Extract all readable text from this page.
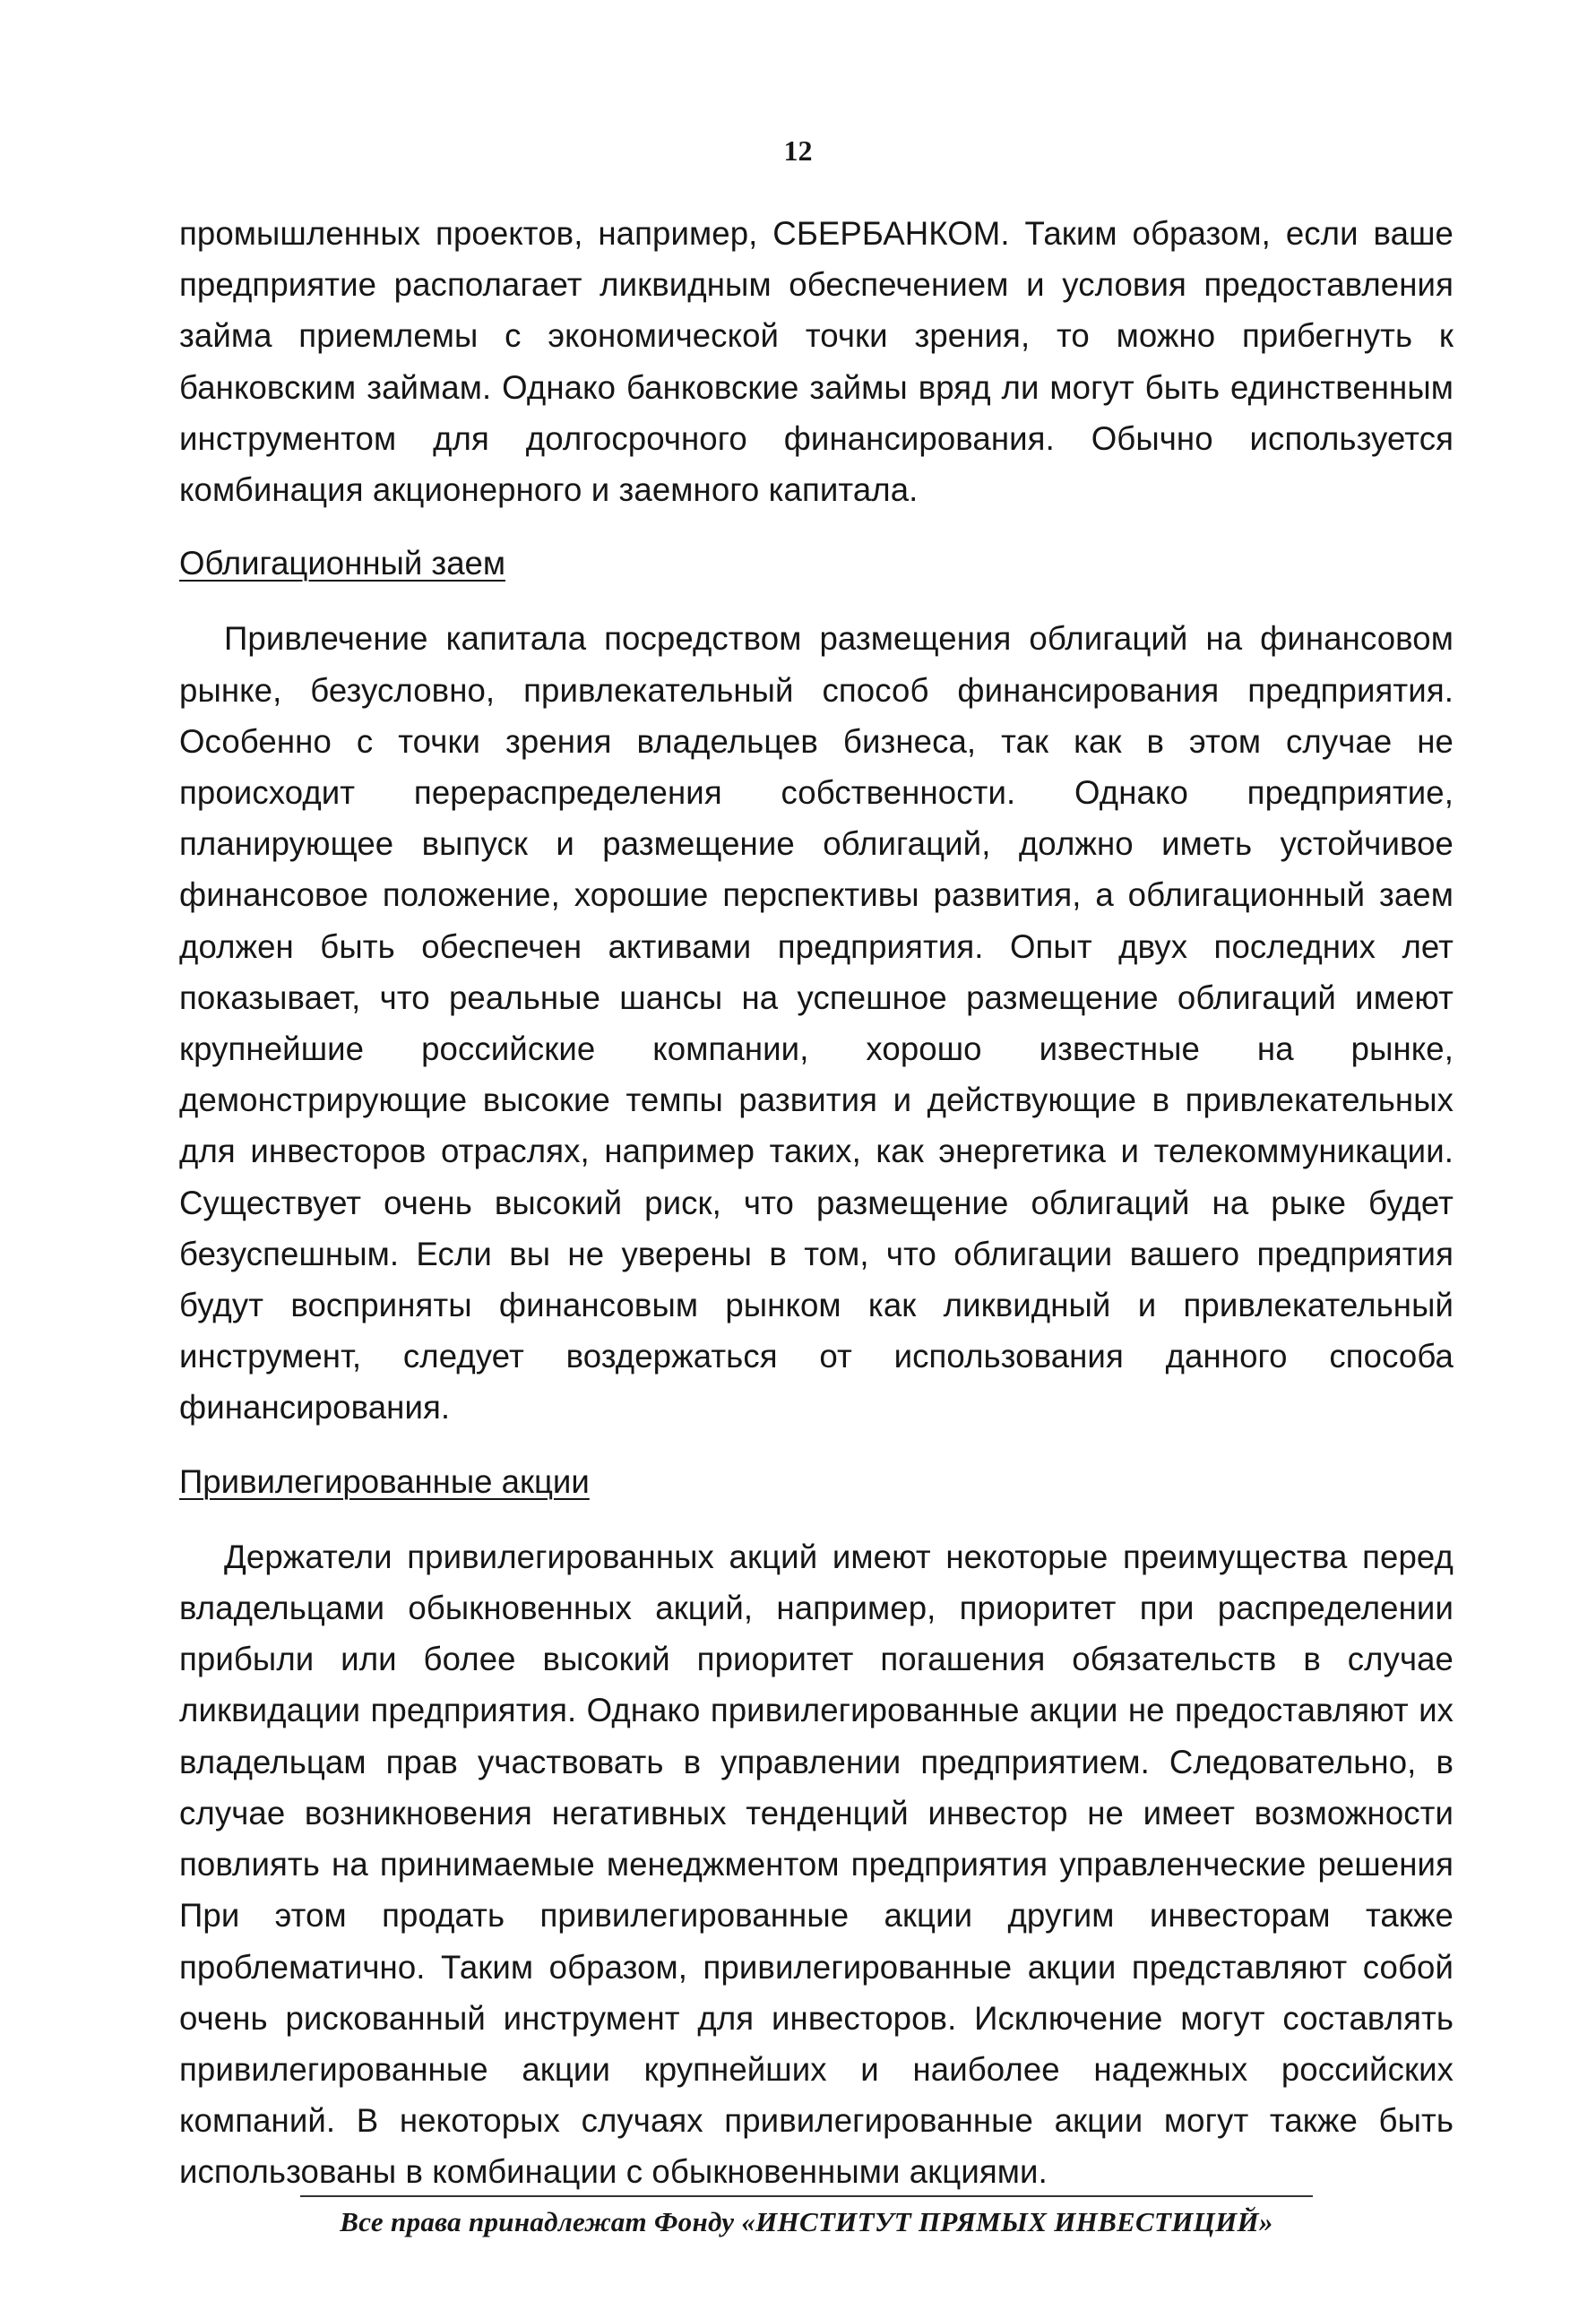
12

промышленных проектов, например, СБЕРБАНКОМ. Таким образом, если ваше предприятие располагает ликвидным обеспечением и условия предоставления займа приемлемы с экономической точки зрения, то можно прибегнуть к банковским займам. Однако банковские займы вряд ли могут быть единственным инструментом для долгосрочного финансирования. Обычно используется комбинация акционерного и заемного капитала.

Облигационный заем

Привлечение капитала посредством размещения облигаций на финансовом рынке, безусловно, привлекательный способ финансирования предприятия. Особенно с точки зрения владельцев бизнеса, так как в этом случае не происходит перераспределения собственности. Однако предприятие, планирующее выпуск и размещение облигаций, должно иметь устойчивое финансовое положение, хорошие перспективы развития, а облигационный заем должен быть обеспечен активами предприятия. Опыт двух последних лет показывает, что реальные шансы на успешное размещение облигаций имеют крупнейшие российские компании, хорошо известные на рынке, демонстрирующие высокие темпы развития и действующие в привлекательных для инвесторов отраслях, например таких, как энергетика и телекоммуникации. Существует очень высокий риск, что размещение облигаций на рыке будет безуспешным. Если вы не уверены в том, что облигации вашего предприятия будут восприняты финансовым рынком как ликвидный и привлекательный инструмент, следует воздержаться от использования данного способа финансирования.

Привилегированные акции

Держатели привилегированных акций имеют некоторые преимущества перед владельцами обыкновенных акций, например, приоритет при распределении прибыли или более высокий приоритет погашения обязательств в случае ликвидации предприятия. Однако привилегированные акции не предоставляют их владельцам прав участвовать в управлении предприятием. Следовательно, в случае возникновения негативных тенденций инвестор не имеет возможности повлиять на принимаемые менеджментом предприятия управленческие решения При этом продать привилегированные акции другим инвесторам также проблематично. Таким образом, привилегированные акции представляют собой очень рискованный инструмент для инвесторов. Исключение могут составлять привилегированные акции крупнейших и наиболее надежных российских компаний. В некоторых случаях привилегированные акции могут также быть использованы в комбинации с обыкновенными акциями.

Все права принадлежат Фонду «ИНСТИТУТ ПРЯМЫХ ИНВЕСТИЦИЙ»
